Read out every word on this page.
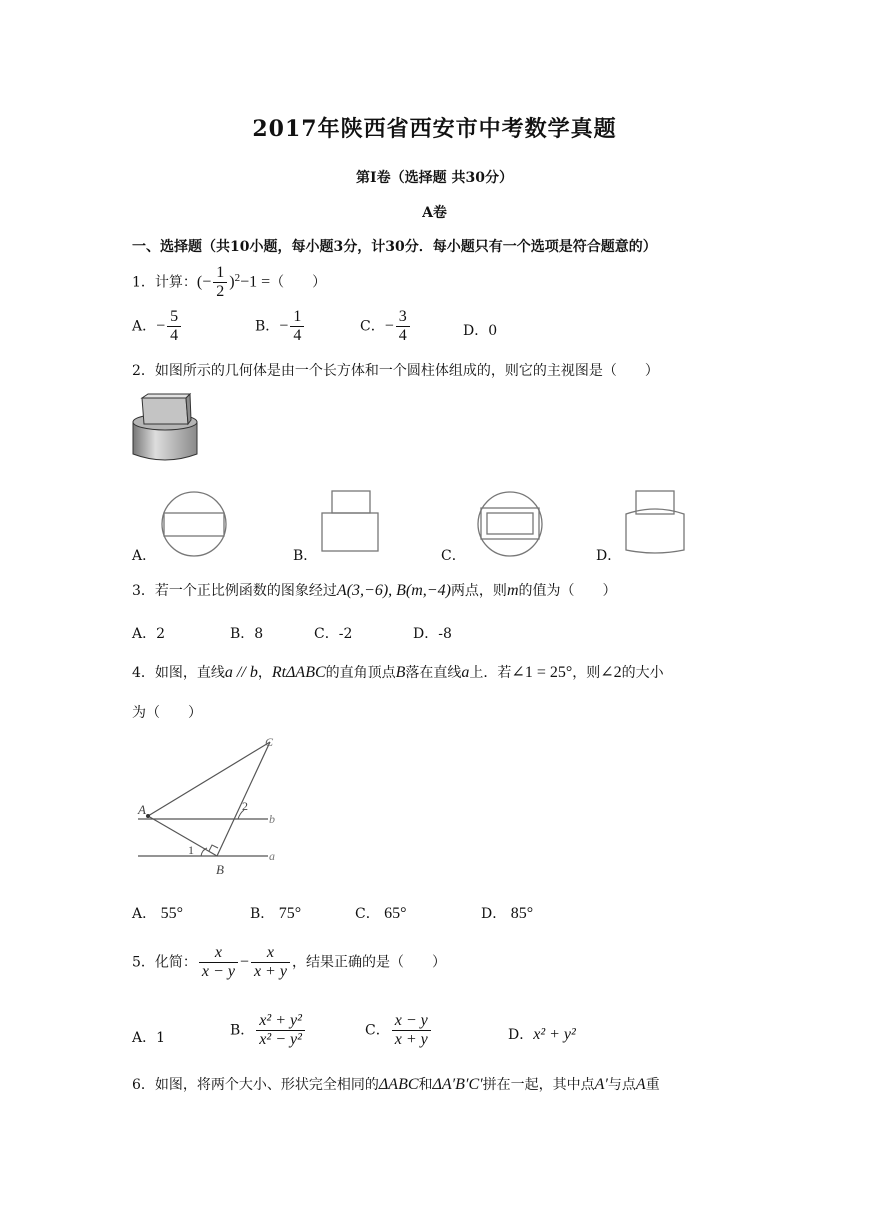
2017年陕西省西安市中考数学真题
第Ⅰ卷（选择题 共30分）
A卷
一、选择题（共10小题，每小题3分，计30分．每小题只有一个选项是符合题意的）
1．计算：(− $\frac{1}{2} )^2-1$ =（　　）
A．− $\frac{5}{4}$	B．− $\frac{1}{4}$	C．− $\frac{3}{4}$	D．0
2．如图所示的几何体是由一个长方体和一个圆柱体组成的，则它的主视图是（　　）
A．	B．	C．	D．
3．若一个正比例函数的图象经过A(3,−6), B(m,−4)两点，则m的值为（　　）
A．2	B．8	C．-2	D．-8
4．如图，直线a // b，RtΔABC的直角顶点B落在直线a上．若∠1 = 25°，则∠2的大小
为（　　）
A
B
C
b
a
1
2
A． 55°	B． 75°	C． 65°	D． 85°
5．化简： $\frac{x}{x - y} - \frac{x}{x + y}$ ，结果正确的是（　　）
A．1	B． $\frac{\text{x² + y²}}{\text{x² − y²}}$	C． $\frac{x - y}{x + y}$	D．x² + y²
6．如图，将两个大小、形状完全相同的ΔABC和ΔA′B′C′拼在一起，其中点A′与点A重
